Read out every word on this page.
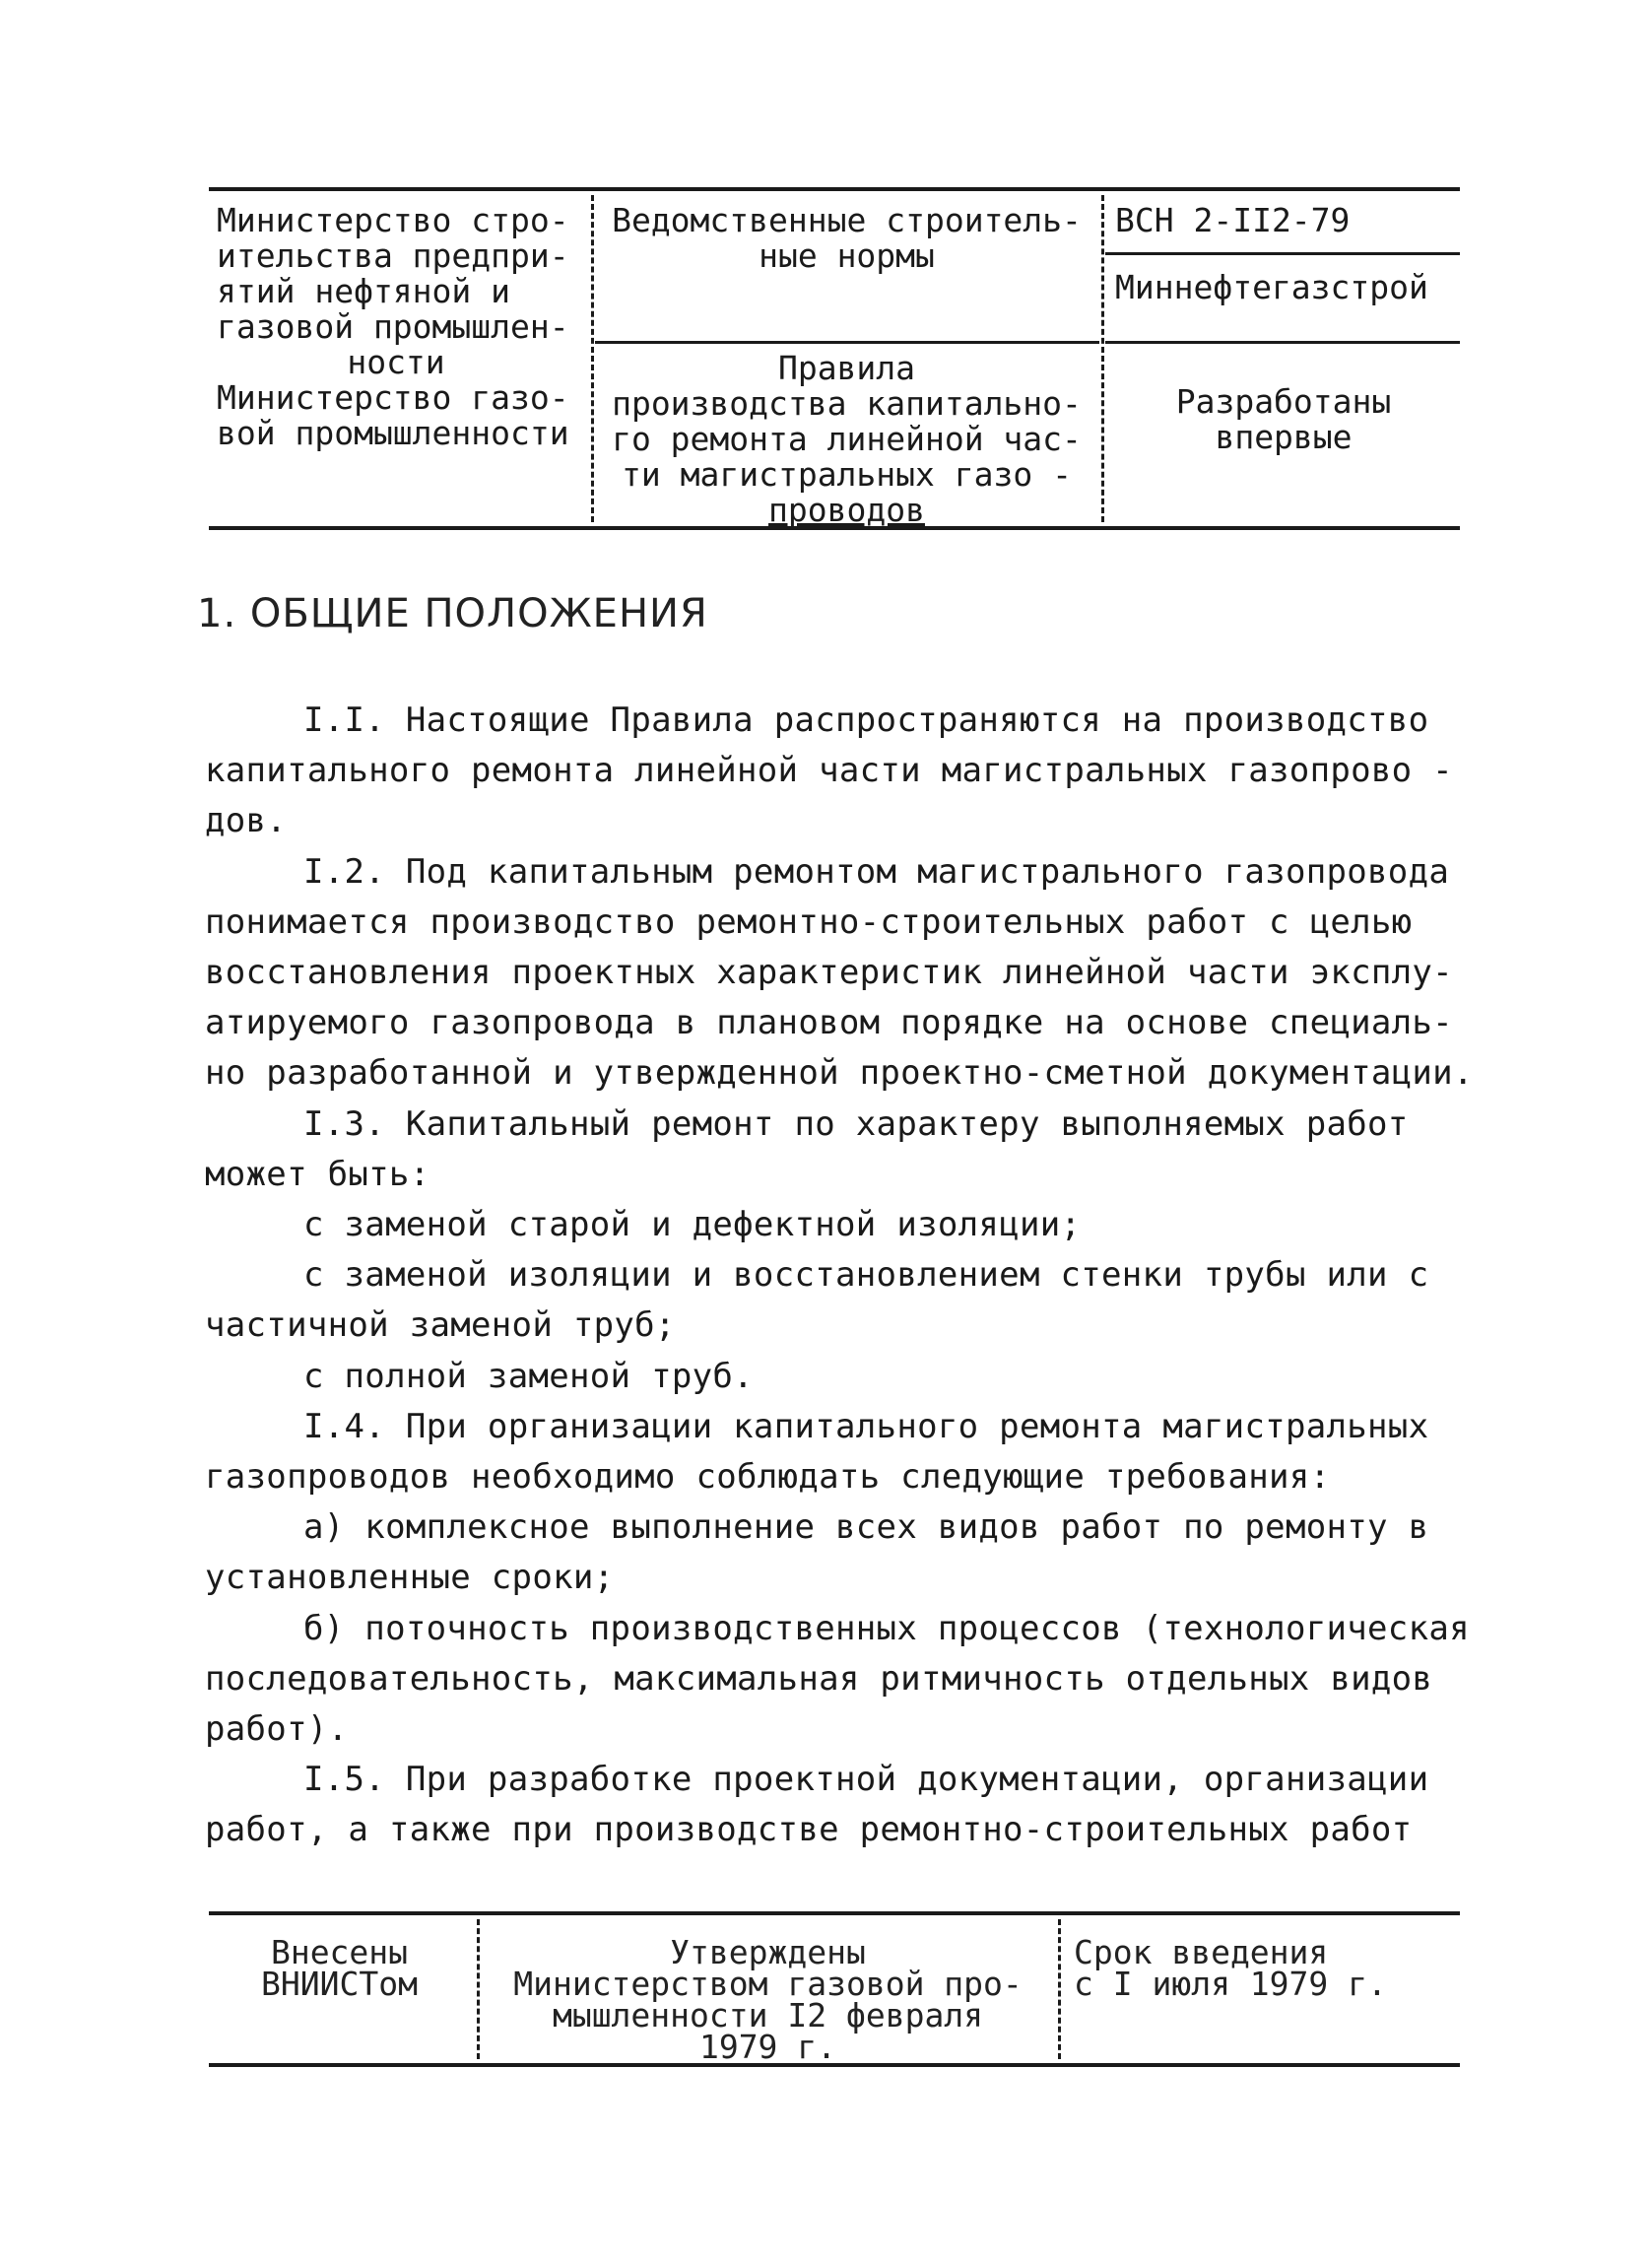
Министерство стро-
ительства предпри-
ятий нефтяной и
газовой промышлен-
ности
Министерство газо-
вой промышленности
Ведомственные строитель-
ные нормы
Правила
производства капитально-
го ремонта линейной час-
ти магистральных газо -
проводов
ВСН 2-II2-79
Миннефтегазстрой
Разработаны
впервые
1. ОБЩИЕ ПОЛОЖЕНИЯ
I.I. Настоящие Правила распространяются на производство
капитального ремонта линейной части магистральных газопрово -
дов.
I.2. Под капитальным ремонтом магистрального газопровода
понимается производство ремонтно-строительных работ с целью
восстановления проектных характеристик линейной части эксплу-
атируемого газопровода в плановом порядке на основе специаль-
но разработанной и утвержденной проектно-сметной документации.
I.3. Капитальный ремонт по характеру выполняемых работ
может быть:
с заменой старой и дефектной изоляции;
с заменой изоляции и восстановлением стенки трубы или с
частичной заменой труб;
с полной заменой труб.
I.4. При организации капитального ремонта магистральных
газопроводов необходимо соблюдать следующие требования:
а) комплексное выполнение всех видов работ по ремонту в
установленные сроки;
б) поточность производственных процессов (технологическая
последовательность, максимальная ритмичность отдельных видов
работ).
I.5. При разработке проектной документации, организации
работ, а также при производстве ремонтно-строительных работ
Внесены
ВНИИСТом
Утверждены
Министерством газовой про-
мышленности I2 февраля
1979 г.
Срок введения
с I июля 1979 г.
